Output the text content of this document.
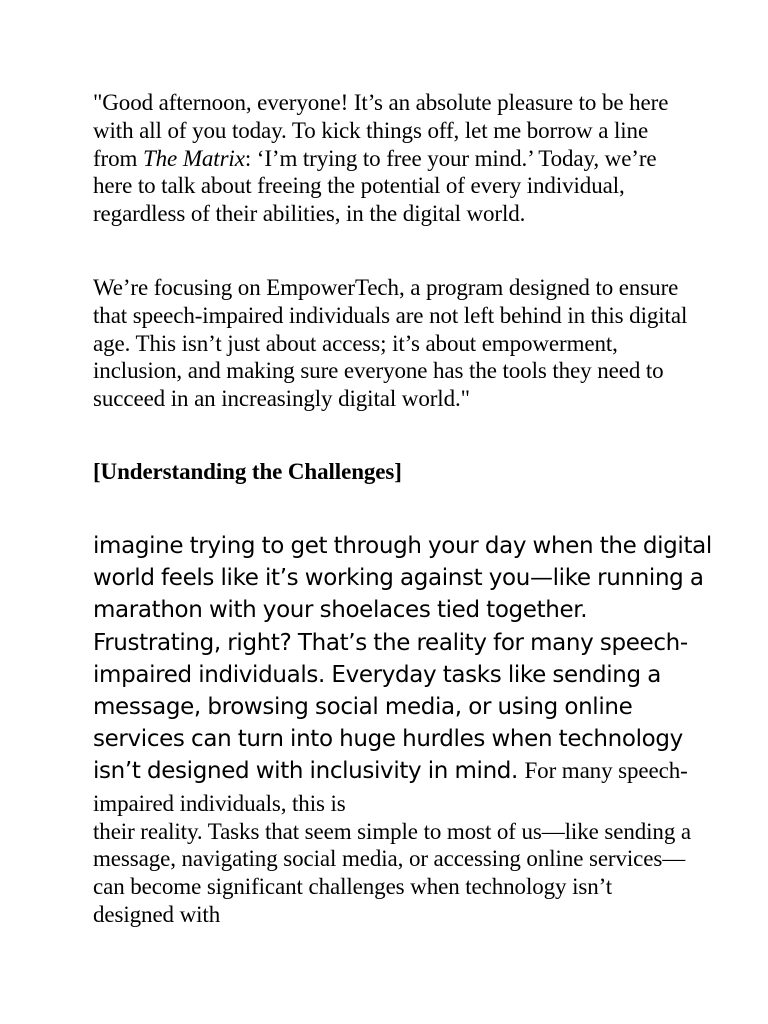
"Good afternoon, everyone! It’s an absolute pleasure to be here with all of you today. To kick things off, let me borrow a line from The Matrix: ‘I’m trying to free your mind.’ Today, we’re here to talk about freeing the potential of every individual, regardless of their abilities, in the digital world.

We’re focusing on EmpowerTech, a program designed to ensure that speech-impaired individuals are not left behind in this digital age. This isn’t just about access; it’s about empowerment, inclusion, and making sure everyone has the tools they need to succeed in an increasingly digital world."

[Understanding the Challenges]

imagine trying to get through your day when the digital world feels like it’s working against you—like running a marathon with your shoelaces tied together. Frustrating, right? That’s the reality for many speech-impaired individuals. Everyday tasks like sending a message, browsing social media, or using online services can turn into huge hurdles when technology isn’t designed with inclusivity in mind. For many speech-impaired individuals, this is

their reality. Tasks that seem simple to most of us—like sending a message, navigating social media, or accessing online services—can become significant challenges when technology isn’t designed with
